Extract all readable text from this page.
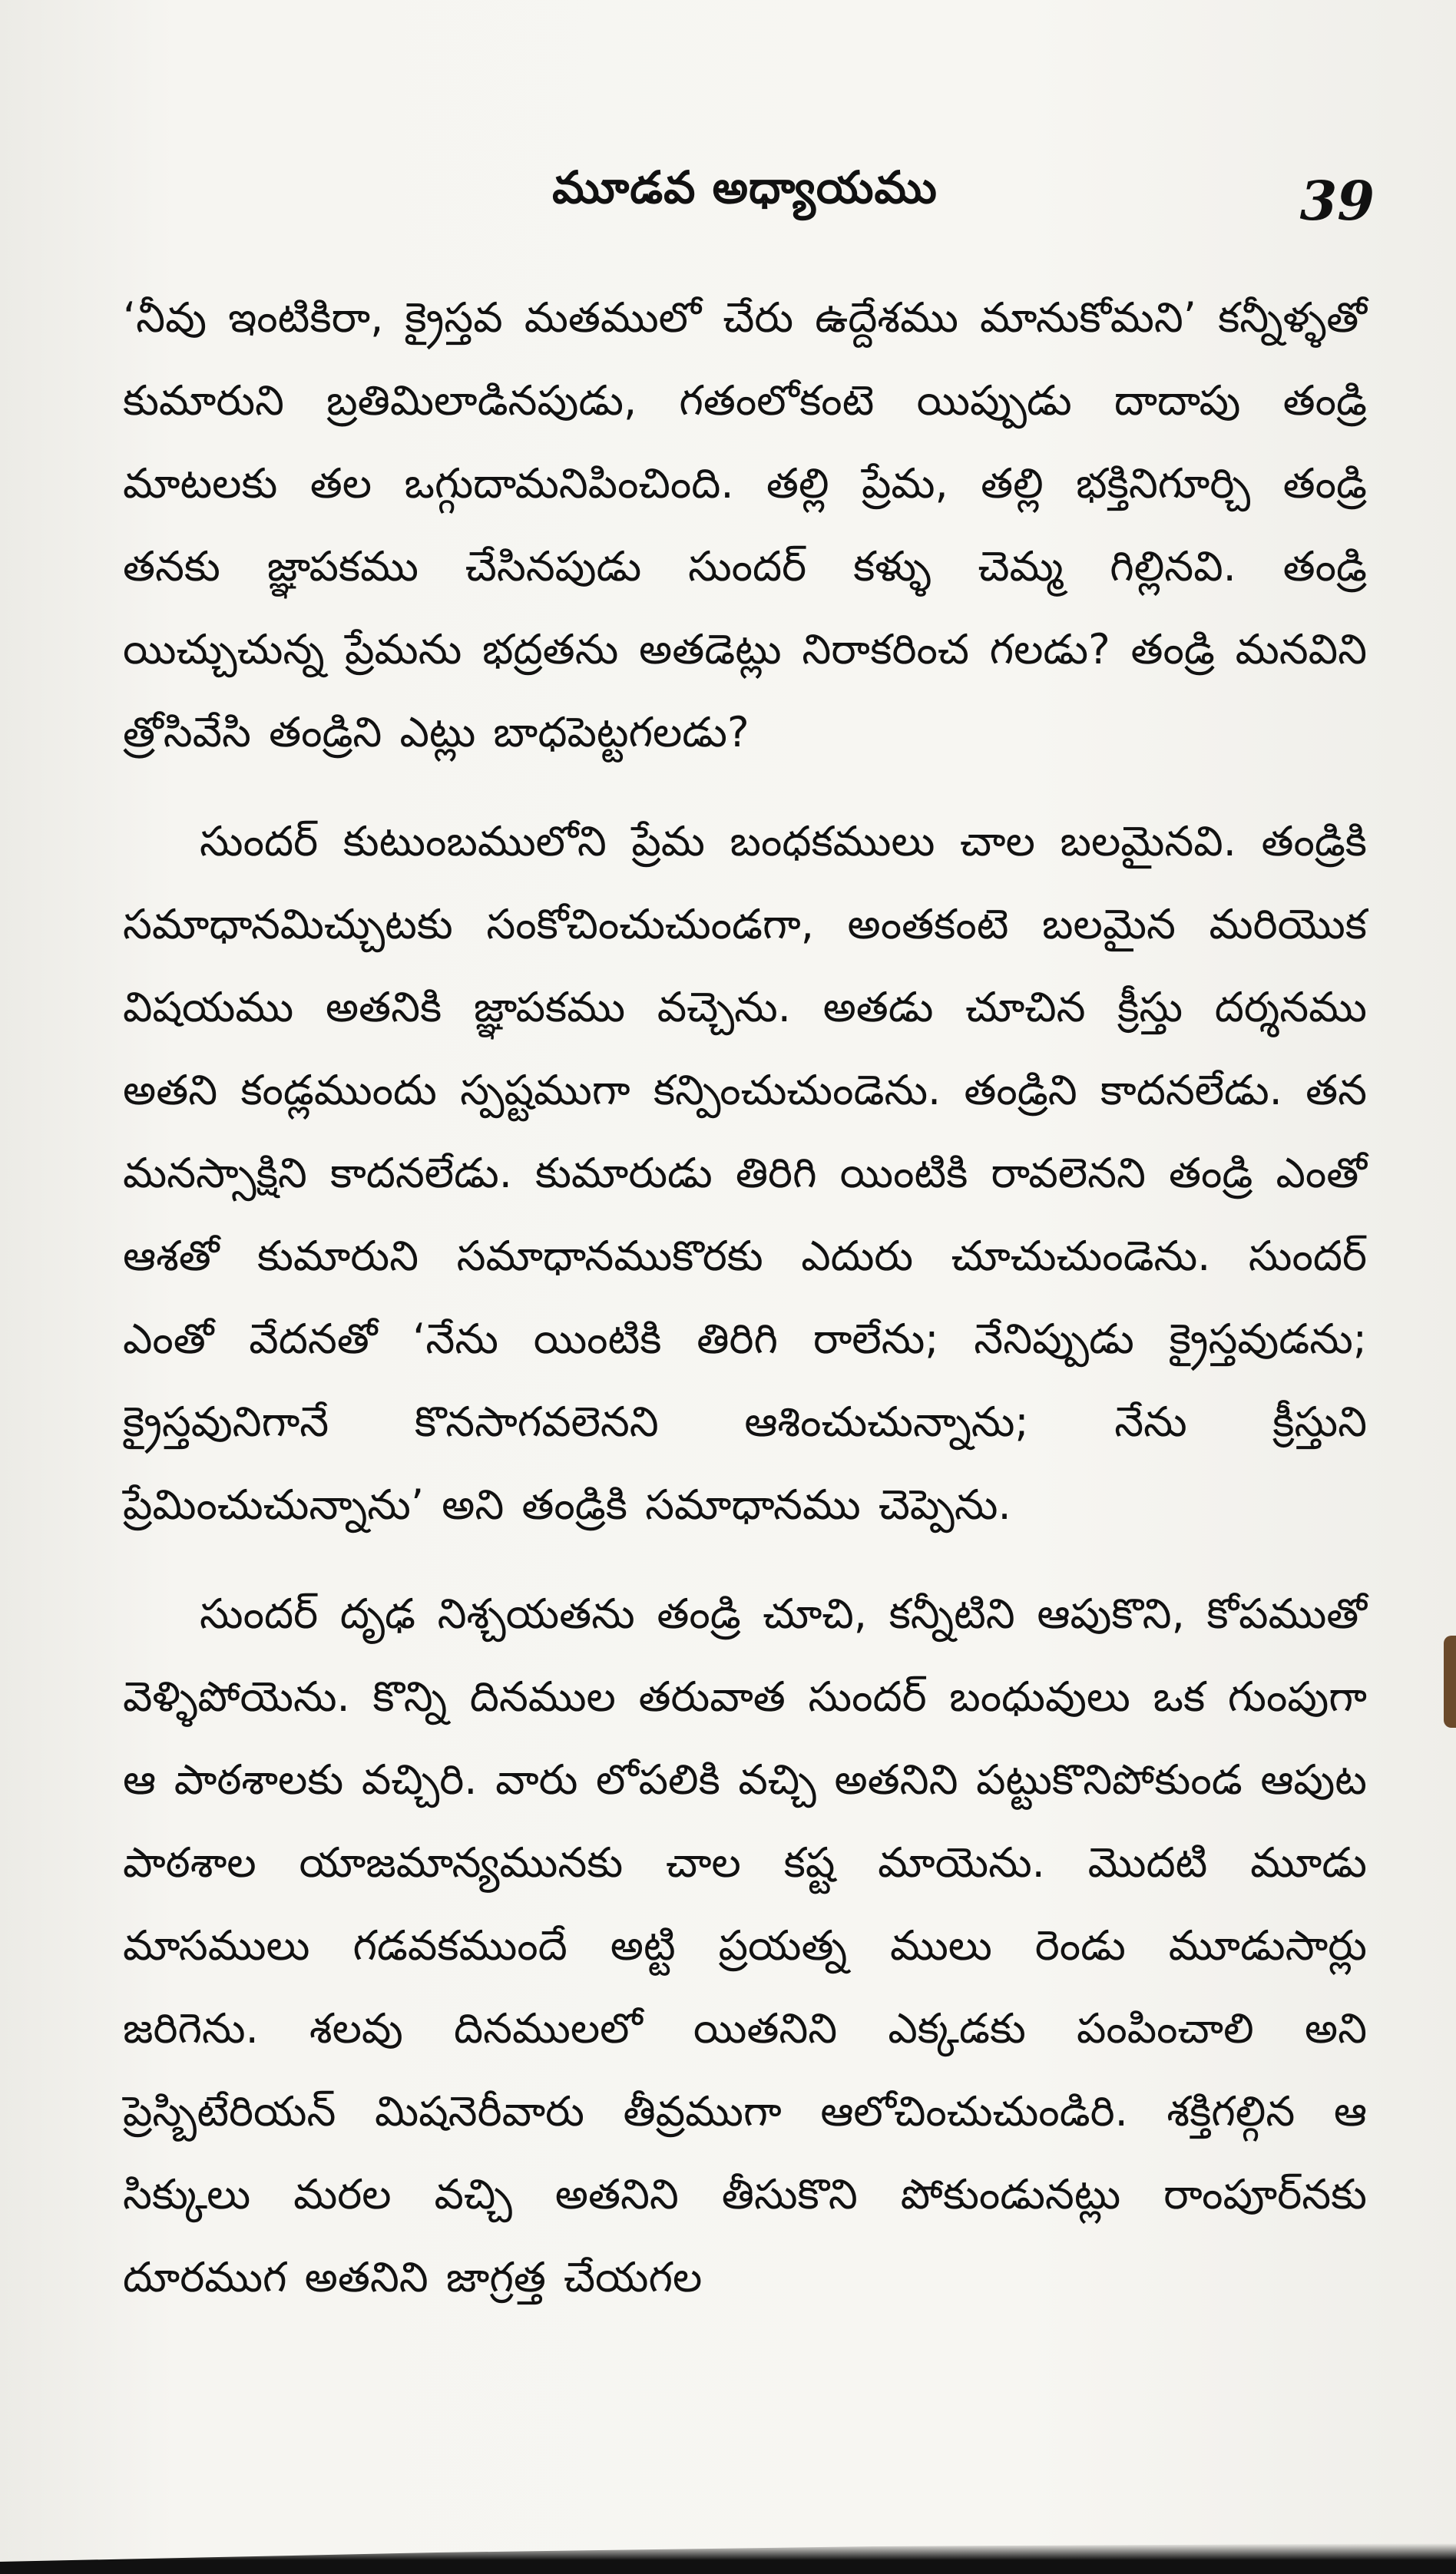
మూడవ అధ్యాయము	39

‘నీవు ఇంటికిరా, క్రైస్తవ మతములో చేరు ఉద్దేశము మానుకోమని’ కన్నీళ్ళతో కుమారుని బ్రతిమిలాడినపుడు, గతంలోకంటె యిప్పుడు దాదాపు తండ్రి మాటలకు తల ఒగ్గుదామనిపించింది. తల్లి ప్రేమ, తల్లి భక్తినిగూర్చి తండ్రి తనకు జ్ఞాపకము చేసినపుడు సుందర్ కళ్ళు చెమ్మ గిల్లినవి. తండ్రి యిచ్చుచున్న ప్రేమను భద్రతను అతడెట్లు నిరాకరించ గలడు? తండ్రి మనవిని త్రోసివేసి తండ్రిని ఎట్లు బాధపెట్టగలడు?

సుందర్ కుటుంబములోని ప్రేమ బంధకములు చాల బలమైనవి. తండ్రికి సమాధానమిచ్చుటకు సంకోచించుచుండగా, అంతకంటె బలమైన మరియొక విషయము అతనికి జ్ఞాపకము వచ్చెను. అతడు చూచిన క్రీస్తు దర్శనము అతని కండ్లముందు స్పష్టముగా కన్పించుచుండెను. తండ్రిని కాదనలేడు. తన మనస్సాక్షిని కాదనలేడు. కుమారుడు తిరిగి యింటికి రావలెనని తండ్రి ఎంతో ఆశతో కుమారుని సమాధానముకొరకు ఎదురు చూచుచుండెను. సుందర్ ఎంతో వేదనతో ‘నేను యింటికి తిరిగి రాలేను; నేనిప్పుడు క్రైస్తవుడను; క్రైస్తవునిగానే కొనసాగవలెనని ఆశించుచున్నాను; నేను క్రీస్తుని ప్రేమించుచున్నాను’ అని తండ్రికి సమాధానము చెప్పెను.

సుందర్ దృఢ నిశ్చయతను తండ్రి చూచి, కన్నీటిని ఆపుకొని, కోపముతో వెళ్ళిపోయెను. కొన్ని దినముల తరువాత సుందర్ బంధువులు ఒక గుంపుగా ఆ పాఠశాలకు వచ్చిరి. వారు లోపలికి వచ్చి అతనిని పట్టుకొనిపోకుండ ఆపుట పాఠశాల యాజమాన్యమునకు చాల కష్ట మాయెను. మొదటి మూడు మాసములు గడవకముందే అట్టి ప్రయత్న ములు రెండు మూడుసార్లు జరిగెను. శలవు దినములలో యితనిని ఎక్కడకు పంపించాలి అని ప్రెస్బిటేరియన్ మిషనెరీవారు తీవ్రముగా ఆలోచించుచుండిరి. శక్తిగల్గిన ఆ సిక్కులు మరల వచ్చి అతనిని తీసుకొని పోకుండునట్లు రాంపూర్‌నకు దూరముగ అతనిని జాగ్రత్త చేయగల
